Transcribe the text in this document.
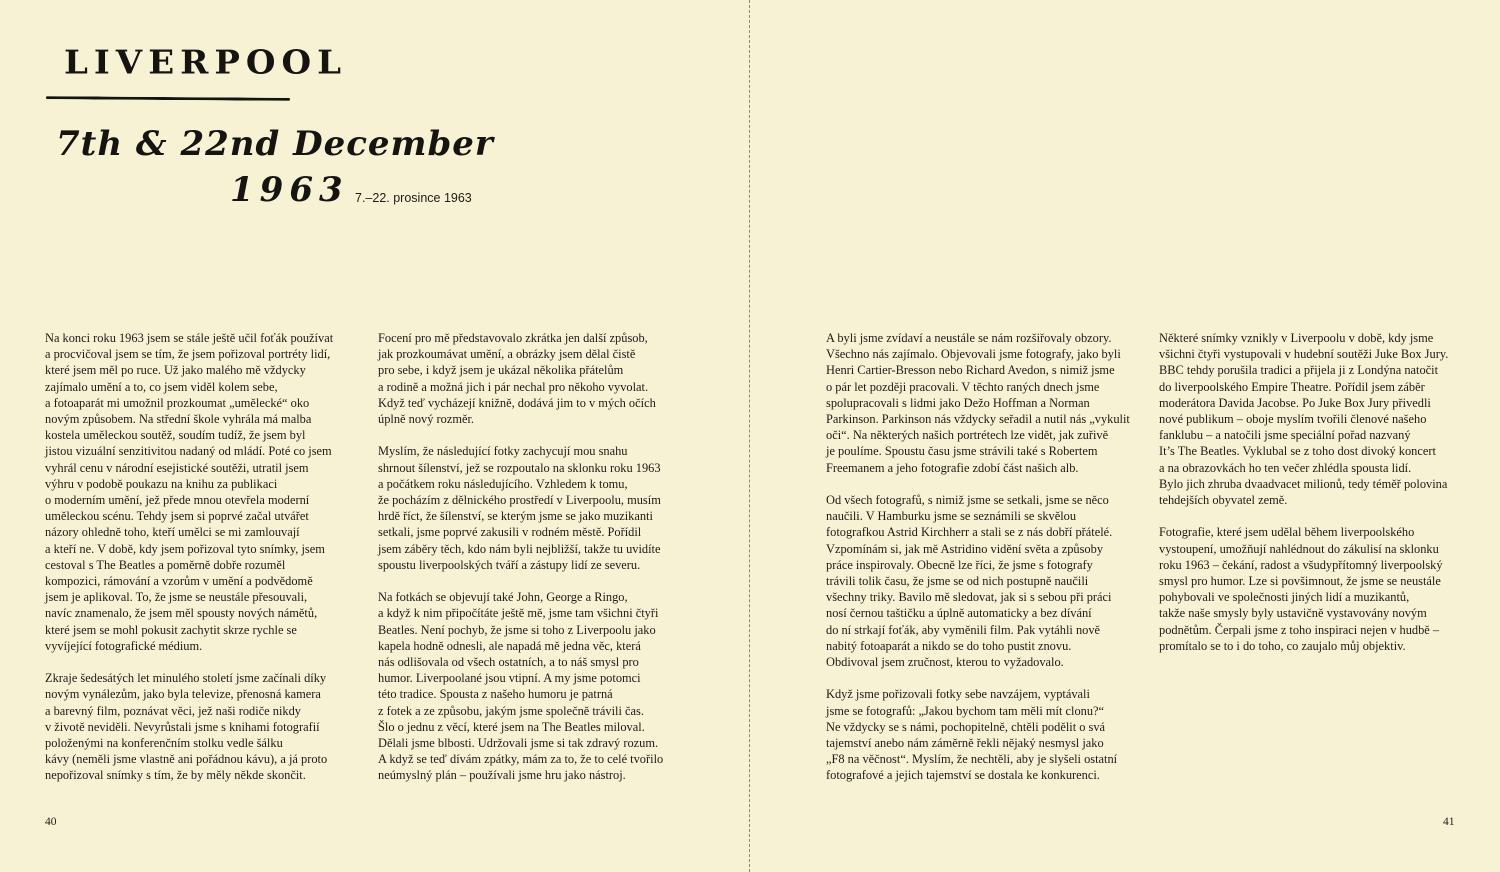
LIVERPOOL
7th & 22nd December
1963 7.–22. prosince 1963
Na konci roku 1963 jsem se stále ještě učil foťák používat
a procvičoval jsem se tím, že jsem pořizoval portréty lidí,
které jsem měl po ruce. Už jako malého mě vždycky
zajímalo umění a to, co jsem viděl kolem sebe,
a fotoaparát mi umožnil prozkoumat „umělecké“ oko
novým způsobem. Na střední škole vyhrála má malba
kostela uměleckou soutěž, soudím tudíž, že jsem byl
jistou vizuální senzitivitou nadaný od mládí. Poté co jsem
vyhrál cenu v národní esejistické soutěži, utratil jsem
výhru v podobě poukazu na knihu za publikaci
o moderním umění, jež přede mnou otevřela moderní
uměleckou scénu. Tehdy jsem si poprvé začal utvářet
názory ohledně toho, kteří umělci se mi zamlouvají
a kteří ne. V době, kdy jsem pořizoval tyto snímky, jsem
cestoval s The Beatles a poměrně dobře rozuměl
kompozici, rámování a vzorům v umění a podvědomě
jsem je aplikoval. To, že jsme se neustále přesouvali,
navíc znamenalo, že jsem měl spousty nových námětů,
které jsem se mohl pokusit zachytit skrze rychle se
vyvíjející fotografické médium.
Zkraje šedesátých let minulého století jsme začínali díky
novým vynálezům, jako byla televize, přenosná kamera
a barevný film, poznávat věci, jež naši rodiče nikdy
v životě neviděli. Nevyrůstali jsme s knihami fotografií
položenými na konferenčním stolku vedle šálku
kávy (neměli jsme vlastně ani pořádnou kávu), a já proto
nepořizoval snímky s tím, že by měly někde skončit.
Focení pro mě představovalo zkrátka jen další způsob,
jak prozkoumávat umění, a obrázky jsem dělal čistě
pro sebe, i když jsem je ukázal několika přátelům
a rodině a možná jich i pár nechal pro někoho vyvolat.
Když teď vycházejí knižně, dodává jim to v mých očích
úplně nový rozměr.
Myslím, že následující fotky zachycují mou snahu
shrnout šílenství, jež se rozpoutalo na sklonku roku 1963
a počátkem roku následujícího. Vzhledem k tomu,
že pocházím z dělnického prostředí v Liverpoolu, musím
hrdě říct, že šílenství, se kterým jsme se jako muzikanti
setkali, jsme poprvé zakusili v rodném městě. Pořídil
jsem záběry těch, kdo nám byli nejbližší, takže tu uvidíte
spoustu liverpoolských tváří a zástupy lidí ze severu.
Na fotkách se objevují také John, George a Ringo,
a když k nim připočítáte ještě mě, jsme tam všichni čtyři
Beatles. Není pochyb, že jsme si toho z Liverpoolu jako
kapela hodně odnesli, ale napadá mě jedna věc, která
nás odlišovala od všech ostatních, a to náš smysl pro
humor. Liverpoolané jsou vtipní. A my jsme potomci
této tradice. Spousta z našeho humoru je patrná
z fotek a ze způsobu, jakým jsme společně trávili čas.
Šlo o jednu z věcí, které jsem na The Beatles miloval.
Dělali jsme blbosti. Udržovali jsme si tak zdravý rozum.
A když se teď dívám zpátky, mám za to, že to celé tvořilo
neúmyslný plán – používali jsme hru jako nástroj.
A byli jsme zvídaví a neustále se nám rozšiřovaly obzory.
Všechno nás zajímalo. Objevovali jsme fotografy, jako byli
Henri Cartier-Bresson nebo Richard Avedon, s nimiž jsme
o pár let později pracovali. V těchto raných dnech jsme
spolupracovali s lidmi jako Dežo Hoffman a Norman
Parkinson. Parkinson nás vždycky seřadil a nutil nás „vykulit
oči“. Na některých našich portrétech lze vidět, jak zuřivě
je poulíme. Spoustu času jsme strávili také s Robertem
Freemanem a jeho fotografie zdobí část našich alb.
Od všech fotografů, s nimiž jsme se setkali, jsme se něco
naučili. V Hamburku jsme se seznámili se skvělou
fotografkou Astrid Kirchherr a stali se z nás dobří přátelé.
Vzpomínám si, jak mě Astridino vidění světa a způsoby
práce inspirovaly. Obecně lze říci, že jsme s fotografy
trávili tolik času, že jsme se od nich postupně naučili
všechny triky. Bavilo mě sledovat, jak si s sebou při práci
nosí černou taštičku a úplně automaticky a bez dívání
do ní strkají foťák, aby vyměnili film. Pak vytáhli nově
nabitý fotoaparát a nikdo se do toho pustit znovu.
Obdivoval jsem zručnost, kterou to vyžadovalo.
Když jsme pořizovali fotky sebe navzájem, vyptávali
jsme se fotografů: „Jakou bychom tam měli mít clonu?“
Ne vždycky se s námi, pochopitelně, chtěli podělit o svá
tajemství anebo nám záměrně řekli nějaký nesmysl jako
„F8 na věčnost“. Myslím, že nechtěli, aby je slyšeli ostatní
fotografové a jejich tajemství se dostala ke konkurenci.
Některé snímky vznikly v Liverpoolu v době, kdy jsme
všichni čtyři vystupovali v hudební soutěži Juke Box Jury.
BBC tehdy porušila tradici a přijela ji z Londýna natočit
do liverpoolského Empire Theatre. Pořídil jsem záběr
moderátora Davida Jacobse. Po Juke Box Jury přivedli
nové publikum – oboje myslím tvořili členové našeho
fanklubu – a natočili jsme speciální pořad nazvaný
It’s The Beatles. Vyklubal se z toho dost divoký koncert
a na obrazovkách ho ten večer zhlédla spousta lidí.
Bylo jich zhruba dvaadvacet milionů, tedy téměř polovina
tehdejších obyvatel země.
Fotografie, které jsem udělal během liverpoolského
vystoupení, umožňují nahlédnout do zákulisí na sklonku
roku 1963 – čekání, radost a všudypřítomný liverpoolský
smysl pro humor. Lze si povšimnout, že jsme se neustále
pohybovali ve společnosti jiných lidí a muzikantů,
takže naše smysly byly ustavičně vystavovány novým
podnětům. Čerpali jsme z toho inspiraci nejen v hudbě –
promítalo se to i do toho, co zaujalo můj objektiv.
40	41
